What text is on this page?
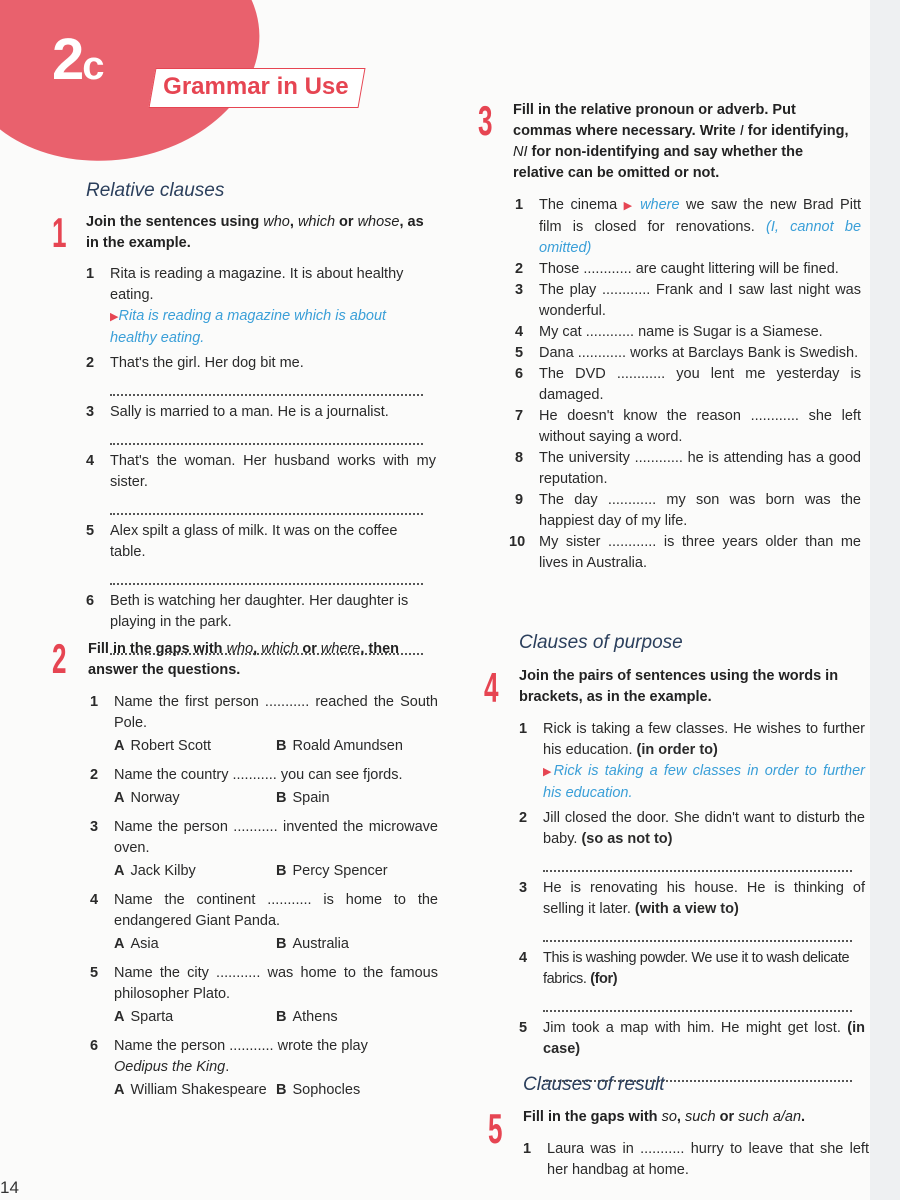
2c	Grammar in Use
Relative clauses
1 Join the sentences using who, which or whose, as in the example.
1 Rita is reading a magazine. It is about healthy eating.
▶ Rita is reading a magazine which is about healthy eating.
2 That's the girl. Her dog bit me.
3 Sally is married to a man. He is a journalist.
4 That's the woman. Her husband works with my sister.
5 Alex spilt a glass of milk. It was on the coffee table.
6 Beth is watching her daughter. Her daughter is playing in the park.
2 Fill in the gaps with who, which or where, then answer the questions.
1 Name the first person ........... reached the South Pole.
A Robert Scott	B Roald Amundsen
2 Name the country ........... you can see fjords.
A Norway	B Spain
3 Name the person ........... invented the microwave oven.
A Jack Kilby	B Percy Spencer
4 Name the continent ........... is home to the endangered Giant Panda.
A Asia	B Australia
5 Name the city ........... was home to the famous philosopher Plato.
A Sparta	B Athens
6 Name the person ........... wrote the play
Oedipus the King.
A William Shakespeare B Sophocles
14
3 Fill in the relative pronoun or adverb. Put commas where necessary. Write I for identifying, NI for non-identifying and say whether the relative can be omitted or not.
1 The cinema ▶ where we saw the new Brad Pitt film is closed for renovations. (I, cannot be omitted)
2 Those ............ are caught littering will be fined.
3 The play ............ Frank and I saw last night was wonderful.
4 My cat ............ name is Sugar is a Siamese.
5 Dana ............ works at Barclays Bank is Swedish.
6 The DVD ............ you lent me yesterday is damaged.
7 He doesn't know the reason ............ she left without saying a word.
8 The university ............ he is attending has a good reputation.
9 The day ............ my son was born was the happiest day of my life.
10 My sister ............ is three years older than me lives in Australia.
Clauses of purpose
4 Join the pairs of sentences using the words in brackets, as in the example.
1 Rick is taking a few classes. He wishes to further his education. (in order to)
▶ Rick is taking a few classes in order to further his education.
2 Jill closed the door. She didn't want to disturb the baby. (so as not to)
3 He is renovating his house. He is thinking of selling it later. (with a view to)
4 This is washing powder. We use it to wash delicate fabrics. (for)
5 Jim took a map with him. He might get lost. (in case)
Clauses of result
5 Fill in the gaps with so, such or such a/an.
1 Laura was in ........... hurry to leave that she left her handbag at home.
